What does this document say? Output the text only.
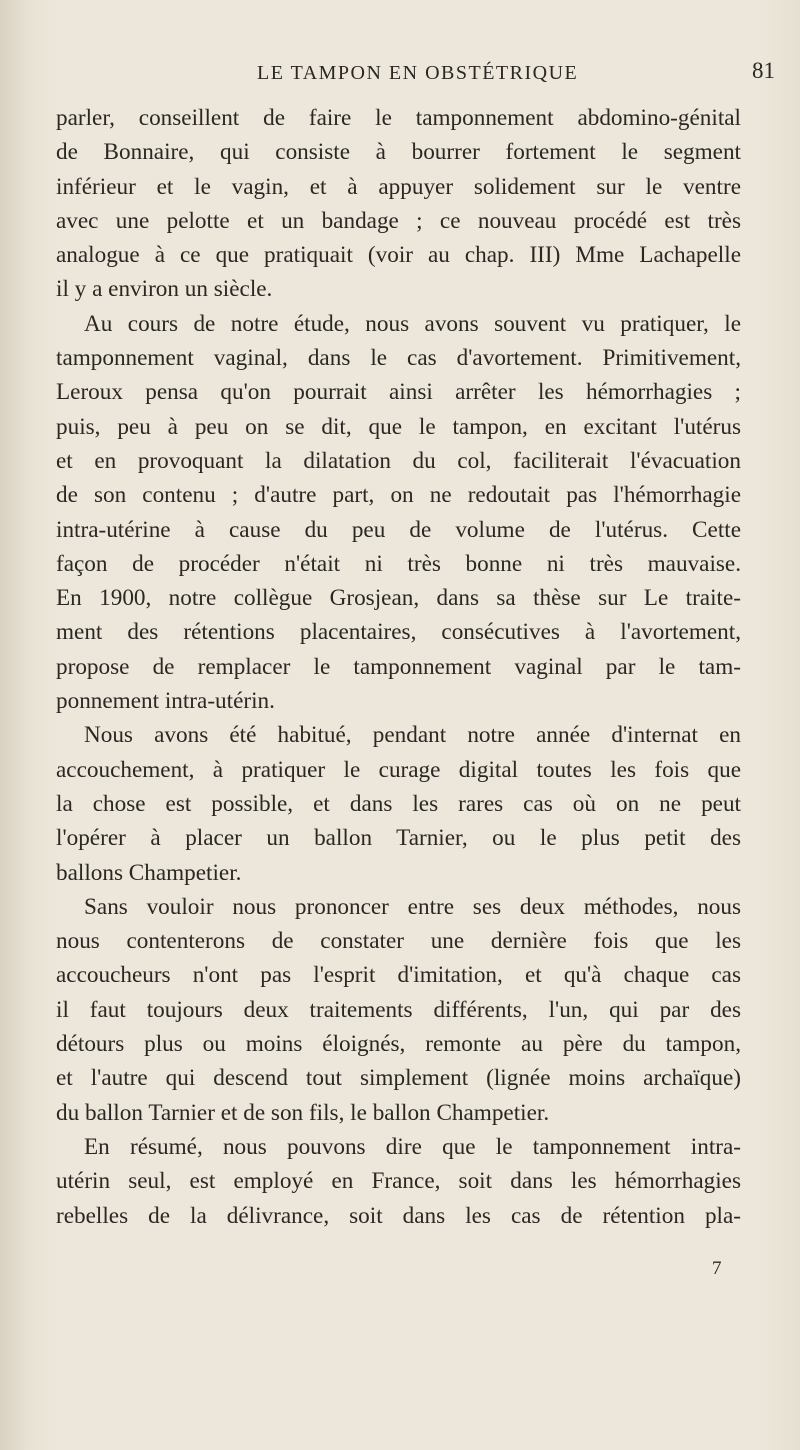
LE TAMPON EN OBSTÉTRIQUE	81
parler, conseillent de faire le tamponnement abdomino-génital
de Bonnaire, qui consiste à bourrer fortement le segment
inférieur et le vagin, et à appuyer solidement sur le ventre
avec une pelotte et un bandage ; ce nouveau procédé est très
analogue à ce que pratiquait (voir au chap. III) Mme Lachapelle
il y a environ un siècle.
Au cours de notre étude, nous avons souvent vu pratiquer, le
tamponnement vaginal, dans le cas d'avortement. Primitivement,
Leroux pensa qu'on pourrait ainsi arrêter les hémorrhagies ;
puis, peu à peu on se dit, que le tampon, en excitant l'utérus
et en provoquant la dilatation du col, faciliterait l'évacuation
de son contenu ; d'autre part, on ne redoutait pas l'hémorrhagie
intra-utérine à cause du peu de volume de l'utérus. Cette
façon de procéder n'était ni très bonne ni très mauvaise.
En 1900, notre collègue Grosjean, dans sa thèse sur Le traite-
ment des rétentions placentaires, consécutives à l'avortement,
propose de remplacer le tamponnement vaginal par le tam-
ponnement intra-utérin.
Nous avons été habitué, pendant notre année d'internat en
accouchement, à pratiquer le curage digital toutes les fois que
la chose est possible, et dans les rares cas où on ne peut
l'opérer à placer un ballon Tarnier, ou le plus petit des
ballons Champetier.
Sans vouloir nous prononcer entre ses deux méthodes, nous
nous contenterons de constater une dernière fois que les
accoucheurs n'ont pas l'esprit d'imitation, et qu'à chaque cas
il faut toujours deux traitements différents, l'un, qui par des
détours plus ou moins éloignés, remonte au père du tampon,
et l'autre qui descend tout simplement (lignée moins archaïque)
du ballon Tarnier et de son fils, le ballon Champetier.
En résumé, nous pouvons dire que le tamponnement intra-
utérin seul, est employé en France, soit dans les hémorrhagies
rebelles de la délivrance, soit dans les cas de rétention pla-
7
